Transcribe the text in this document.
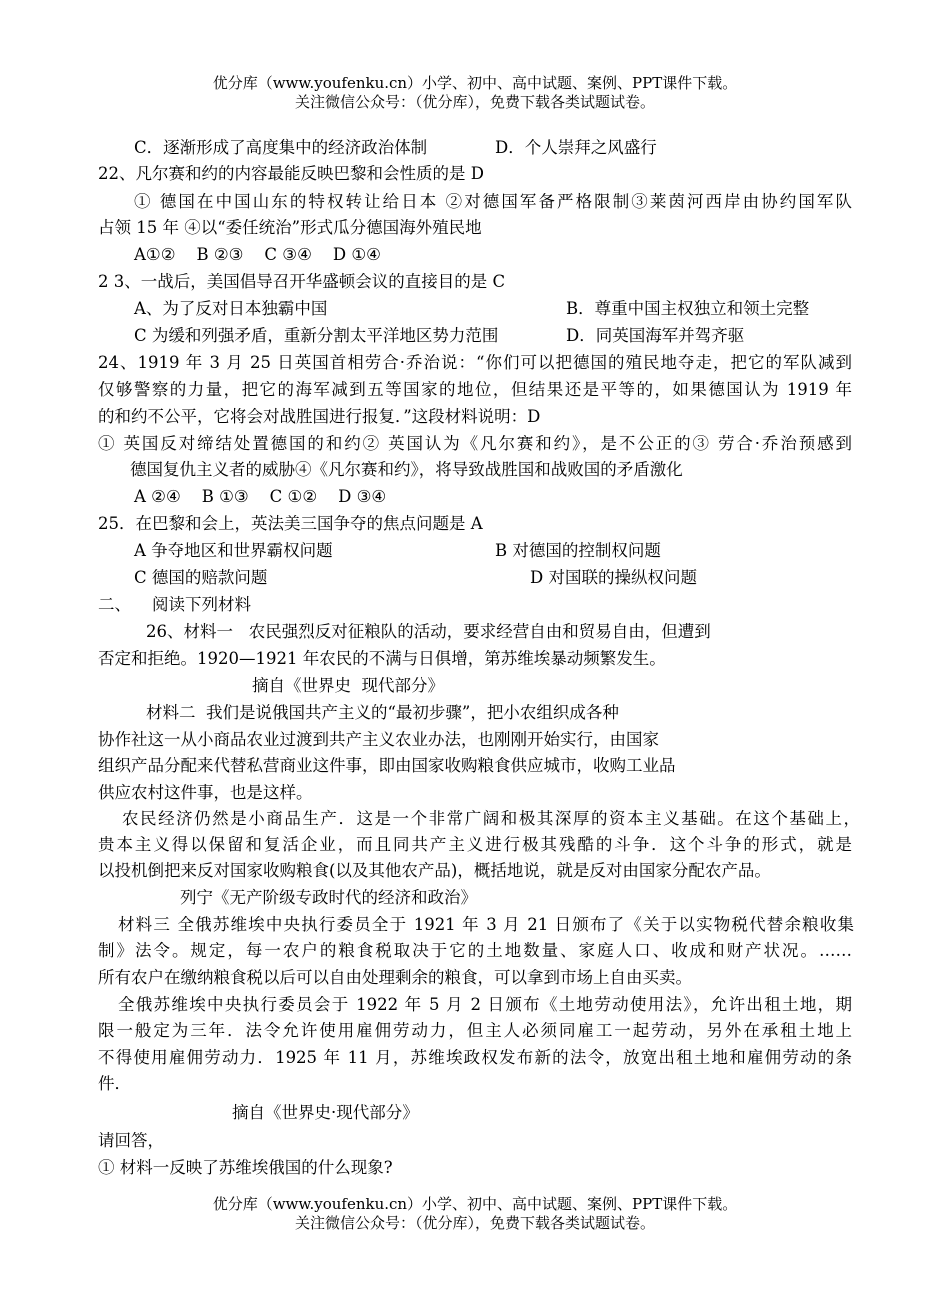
优分库（www.youfenku.cn）小学、初中、高中试题、案例、PPT课件下载。
关注微信公众号：（优分库），免费下载各类试题试卷。
C．逐渐形成了高度集中的经济政治体制	D．个人崇拜之风盛行
22、凡尔赛和约的内容最能反映巴黎和会性质的是 D
① 德国在中国山东的特权转让给日本 ②对德国军备严格限制③莱茵河西岸由协约国军队
占领 15 年 ④以“委任统治”形式瓜分德国海外殖民地
A①②    B ②③    C ③④    D ①④
2 3、一战后，美国倡导召开华盛顿会议的直接目的是 C
A、为了反对日本独霸中国	B．尊重中国主权独立和领土完整
C 为缓和列强矛盾，重新分割太平洋地区势力范围	D．同英国海军并驾齐驱
24、1919 年 3 月 25 日英国首相劳合·乔治说：“你们可以把德国的殖民地夺走，把它的军队减到
仅够警察的力量，把它的海军减到五等国家的地位，但结果还是平等的，如果德国认为 1919 年
的和约不公平，它将会对战胜国进行报复．”这段材料说明：D
① 英国反对缔结处置德国的和约② 英国认为《凡尔赛和约》，是不公正的③ 劳合·乔治预感到
德国复仇主义者的威胁④《凡尔赛和约》，将导致战胜国和战败国的矛盾激化
A ②④    B ①③    C ①②    D ③④
25．在巴黎和会上，英法美三国争夺的焦点问题是 A
A 争夺地区和世界霸权问题	B 对德国的控制权问题
C 德国的赔款问题	D 对国联的操纵权问题
二、    阅读下列材料
26、材料一   农民强烈反对征粮队的活动，要求经营自由和贸易自由，但遭到
否定和拒绝。1920—1921 年农民的不满与日俱增，第苏维埃暴动频繁发生。
摘自《世界史  现代部分》
材料二  我们是说俄国共产主义的“最初步骤”，把小农组织成各种
协作社这一从小商品农业过渡到共产主义农业办法，也刚刚开始实行，由国家
组织产品分配来代替私营商业这件事，即由国家收购粮食供应城市，收购工业品
供应农村这件事，也是这样。
农民经济仍然是小商品生产．这是一个非常广阔和极其深厚的资本主义基础。在这个基础上，
贵本主义得以保留和复活企业，而且同共产主义进行极其残酷的斗争．这个斗争的形式，就是
以投机倒把来反对国家收购粮食(以及其他农产品)，概括地说，就是反对由国家分配农产品。
列宁《无产阶级专政时代的经济和政治》
材料三 全俄苏维埃中央执行委员全于 1921 年 3 月 21 日颁布了《关于以实物税代替余粮收集
制》法令。规定，每一农户的粮食税取决于它的土地数量、家庭人口、收成和财产状况。……
所有农户在缴纳粮食税以后可以自由处理剩余的粮食，可以拿到市场上自由买卖。
全俄苏维埃中央执行委员会于 1922 年 5 月 2 日颁布《土地劳动使用法》，允许出租土地，期
限一般定为三年．法令允许使用雇佣劳动力，但主人必须同雇工一起劳动，另外在承租土地上
不得使用雇佣劳动力．1925 年 11 月，苏维埃政权发布新的法令，放宽出租土地和雇佣劳动的条
件．
摘自《世界史·现代部分》
请回答，
① 材料一反映了苏维埃俄国的什么现象?
优分库（www.youfenku.cn）小学、初中、高中试题、案例、PPT课件下载。
关注微信公众号：（优分库），免费下载各类试题试卷。
